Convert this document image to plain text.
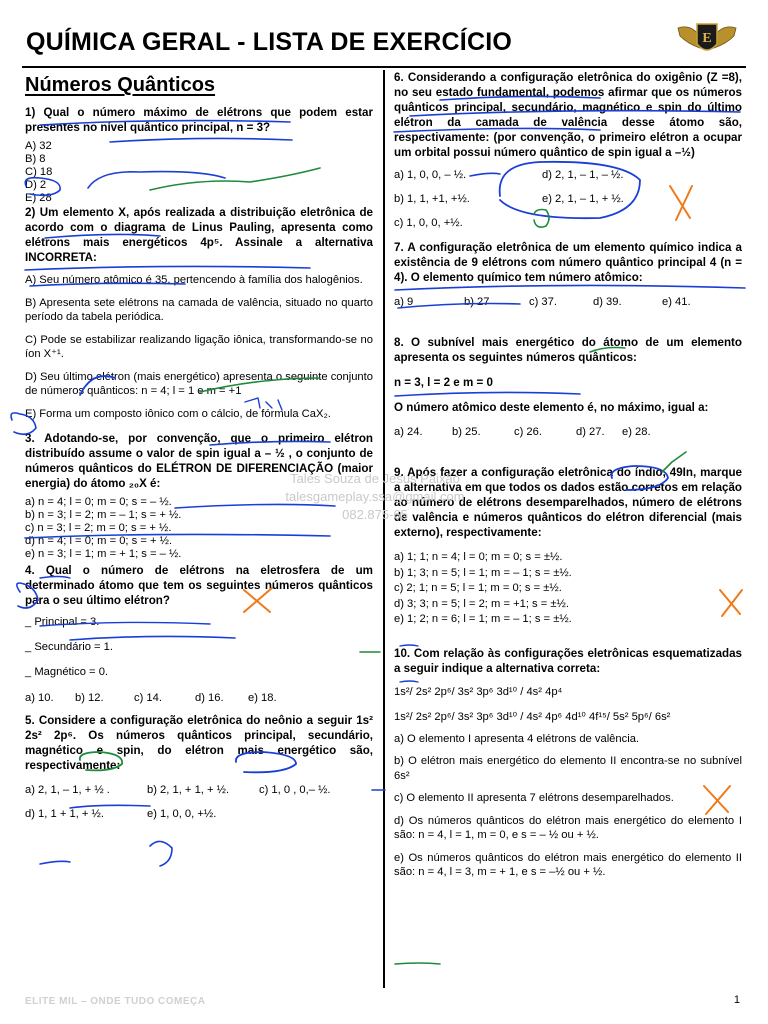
QUÍMICA GERAL - LISTA DE EXERCÍCIO	E
Números Quânticos
1) Qual o número máximo de elétrons que podem estar presentes no nível quântico principal, n = 3?
A) 32
B) 8
C) 18
D) 2
E) 28
2) Um elemento X, após realizada a distribuição eletrônica de acordo com o diagrama de Linus Pauling, apresenta como elétrons mais energéticos 4p⁵. Assinale a alternativa INCORRETA:

A) Seu número atômico é 35, pertencendo à família dos halogênios.

B) Apresenta sete elétrons na camada de valência, situado no quarto período da tabela periódica.

C) Pode se estabilizar realizando ligação iônica, transformando-se no íon X⁺¹.

D) Seu último elétron (mais energético) apresenta o seguinte conjunto de números quânticos: n = 4; l = 1 e m = +1

E) Forma um composto iônico com o cálcio, de fórmula CaX₂.

3. Adotando-se, por convenção, que o primeiro elétron distribuído assume o valor de spin igual a – ½ , o conjunto de números quânticos do ELÉTRON DE DIFERENCIAÇÃO (maior energia) do átomo ₂₀X é:
a) n = 4; l = 0; m = 0; s = – ½.
b) n = 3; l = 2; m = – 1; s = + ½.
c) n = 3; l = 2; m = 0; s = + ½.
d) n = 4; l = 0; m = 0; s = + ½.
e) n = 3; l = 1; m = + 1; s = – ½.
4. Qual o número de elétrons na eletrosfera de um determinado átomo que tem os seguintes números quânticos para o seu último elétron?
_ Principal = 3.
_ Secundário = 1.
_ Magnético = 0.
a) 10.	b) 12.	c) 14.	d) 16.	e) 18.
5. Considere a configuração eletrônica do neônio a seguir 1s² 2s² 2p⁶. Os números quânticos principal, secundário, magnético e spin, do elétron mais energético são, respectivamente:
a) 2, 1, – 1, + ½ .	b) 2, 1, + 1, + ½.	c) 1, 0 , 0,– ½.
d) 1, 1 + 1, + ½.	e) 1, 0, 0, +½.
6. Considerando a configuração eletrônica do oxigênio (Z =8), no seu estado fundamental, podemos afirmar que os números quânticos principal, secundário, magnético e spin do último elétron da camada de valência desse átomo são, respectivamente: (por convenção, o primeiro elétron a ocupar um orbital possui número quântico de spin igual a –½)
a) 1, 0, 0, – ½.	d) 2, 1, – 1, – ½.
b) 1, 1, +1, +½.	e) 2, 1, – 1, + ½.
c) 1, 0, 0, +½.
7. A configuração eletrônica de um elemento químico indica a existência de 9 elétrons com número quântico principal 4 (n = 4). O elemento químico tem número atômico:
a) 9	b) 27	c) 37.	d) 39.	e) 41.
8. O subnível mais energético do átomo de um elemento apresenta os seguintes números quânticos:
n = 3, l = 2 e m = 0
O número atômico deste elemento é, no máximo, igual a:
a) 24.	b) 25.	c) 26.	d) 27.	e) 28.
9. Após fazer a configuração eletrônica do índio, 49In, marque a alternativa em que todos os dados estão corretos em relação ao número de elétrons desemparelhados, número de elétrons de valência e números quânticos do elétron diferencial (mais externo), respectivamente:
a) 1; 1; n = 4; l = 0; m = 0; s = ±½.
b) 1; 3; n = 5; l = 1; m = – 1; s = ±½.
c) 2; 1; n = 5; l = 1; m = 0; s = ±½.
d) 3; 3; n = 5; l = 2; m = +1; s = ±½.
e) 1; 2; n = 6; l = 1; m = – 1; s = ±½.
10. Com relação às configurações eletrônicas esquematizadas a seguir indique a alternativa correta:
1s²/ 2s² 2p⁶/ 3s² 3p⁶ 3d¹⁰ / 4s² 4p⁴
1s²/ 2s² 2p⁶/ 3s² 3p⁶ 3d¹⁰ / 4s² 4p⁶ 4d¹⁰ 4f¹⁵/ 5s² 5p⁶/ 6s²

a) O elemento I apresenta 4 elétrons de valência.

b) O elétron mais energético do elemento II encontra-se no subnível 6s²

c) O elemento II apresenta 7 elétrons desemparelhados.

d) Os números quânticos do elétron mais energético do elemento I são: n = 4, l = 1, m = 0, e s = – ½ ou + ½.

e) Os números quânticos do elétron mais energético do elemento II são: n = 4, l = 3, m = + 1, e s = –½ ou + ½.

Tales Souza de Jesus Paixão
talesgameplay.ssa@gmail.com
082.875-65
ELITE MIL – ONDE TUDO COMEÇA	1
